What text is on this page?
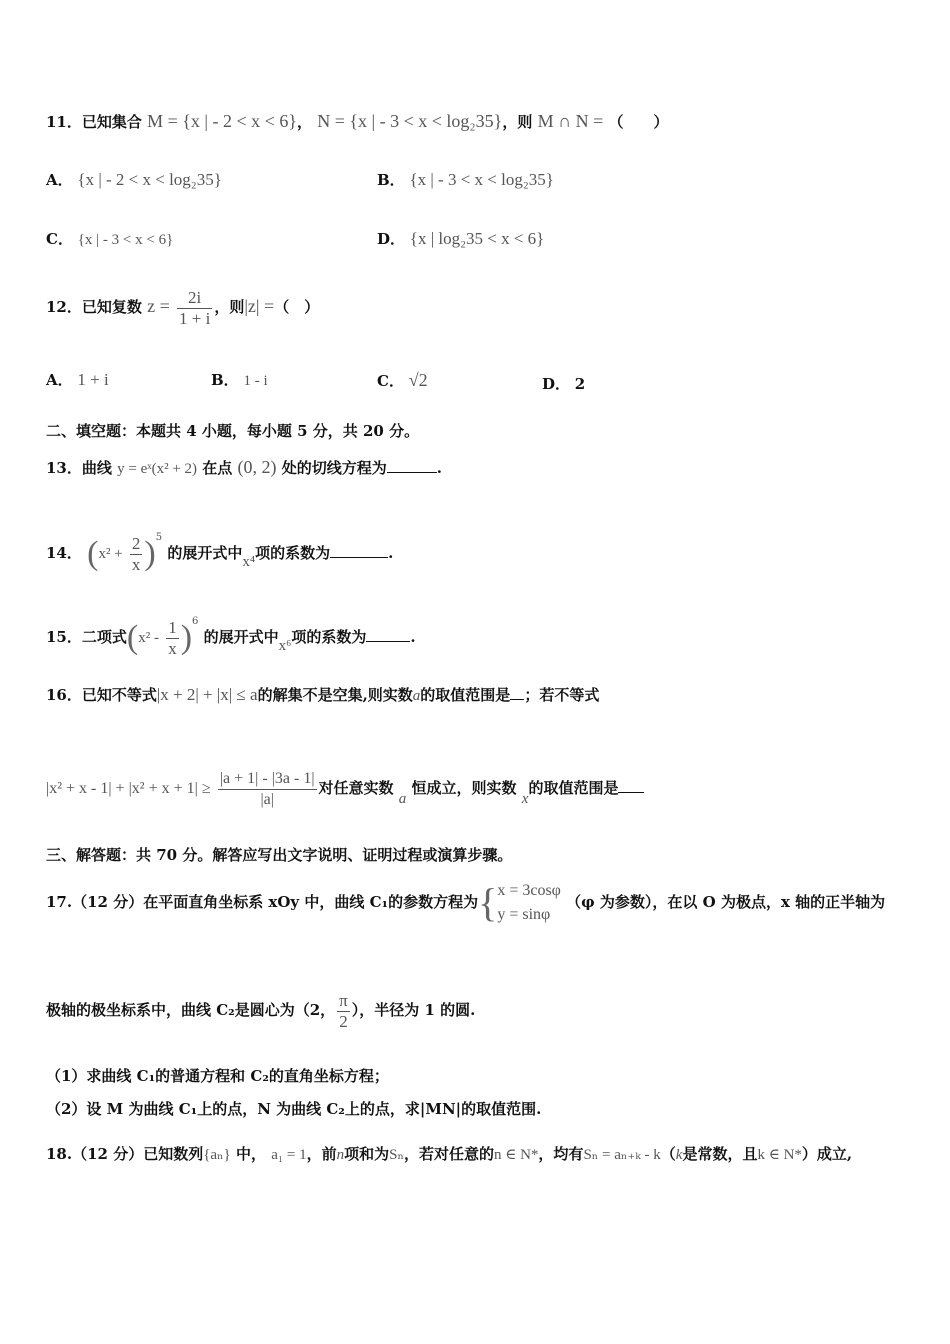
11．已知集合 M = {x | - 2 < x < 6}， N = {x | - 3 < x < log₂35}，则 M ∩ N = （　　）
A． {x | - 2 < x < log₂35}	B． {x | - 3 < x < log₂35}
C． {x | - 3 < x < 6}	D． {x | log₂35 < x < 6}
12．已知复数 $z = \frac{2i}{1 + i}$ ，则|z| =（　）
A． 1 + i	B． 1 - i	C． √2	D． 2
二、填空题：本题共 4 小题，每小题 5 分，共 20 分。
13．曲线 y = eˣ(x² + 2) 在点 (0, 2) 处的切线方程为	.
14． $(x^2 + \frac{2}{x} )^5$ 的展开式中x⁴项的系数为	.
15．二项式$(x^2 - \frac{1}{x} )^6$ 的展开式中x⁶项的系数为	.
16．已知不等式|x + 2| + |x| ≤ a的解集不是空集,则实数a的取值范围是 ；若不等式
$|x^2 + x - 1| + |x^2 + x + 1| \ge \frac{|a + 1| - |3a - 1|}{|a|}$ 对任意实数 a 恒成立，则实数 x的取值范围是
三、解答题：共 70 分。解答应写出文字说明、证明过程或演算步骤。
17.（12 分）在平面直角坐标系 xOy 中，曲线 C₁的参数方程为{ x = 3cosφ
y = sinφ
（φ 为参数），在以 O 为极点，x 轴的正半轴为
极轴的极坐标系中，曲线 C₂是圆心为（2， $\frac{\pi}{2}$ ），半径为 1 的圆.
（1）求曲线 C₁的普通方程和 C₂的直角坐标方程；
（2）设 M 为曲线 C₁上的点，N 为曲线 C₂上的点，求|MN|的取值范围.
18.（12 分）已知数列{aₙ} 中， a₁ = 1，前n项和为Sₙ，若对任意的n ∈ N*，均有Sₙ = aₙ₊ₖ - k（k是常数，且k ∈ N*）成立,
